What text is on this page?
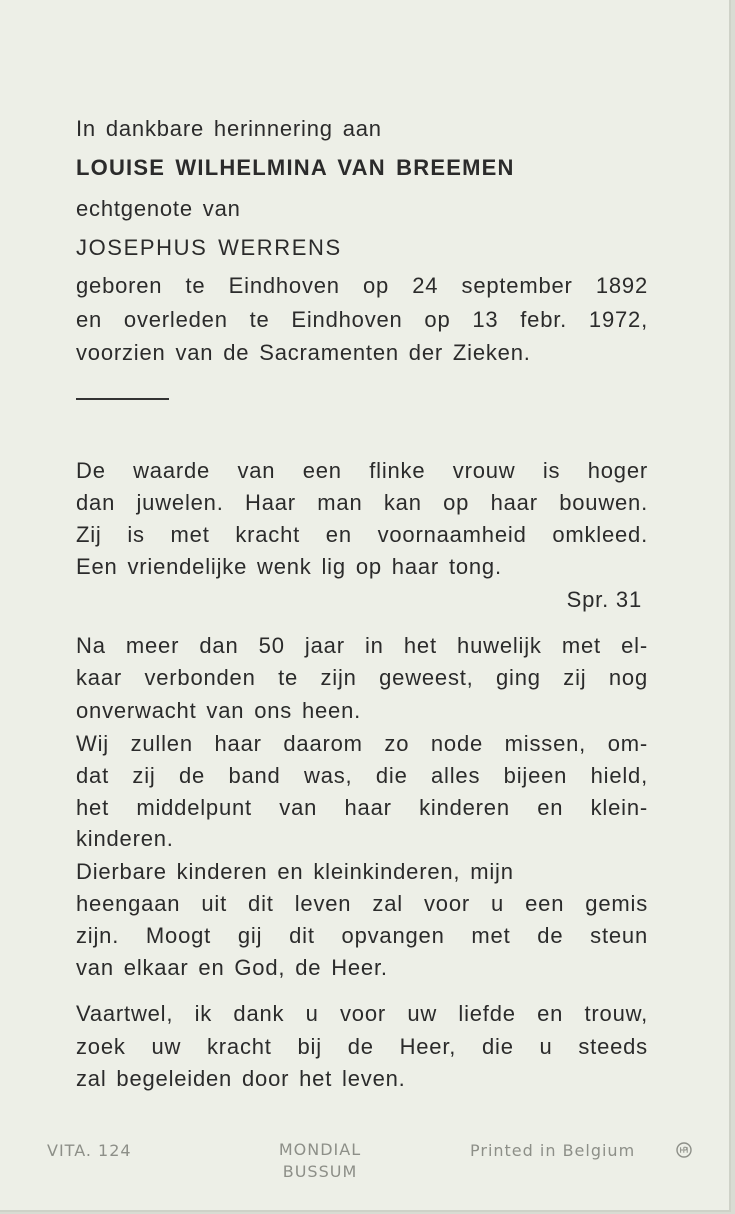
In dankbare herinnering aan
LOUISE WILHELMINA VAN BREEMEN
echtgenote van
JOSEPHUS WERRENS
geboren te Eindhoven op 24 september 1892
en overleden te Eindhoven op 13 febr. 1972,
voorzien van de Sacramenten der Zieken.
De waarde van een flinke vrouw is hoger
dan juwelen. Haar man kan op haar bouwen.
Zij is met kracht en voornaamheid omkleed.
Een vriendelijke wenk lig op haar tong.
Spr. 31
Na meer dan 50 jaar in het huwelijk met el-
kaar verbonden te zijn geweest, ging zij nog
onverwacht van ons heen.
Wij zullen haar daarom zo node missen, om-
dat zij de band was, die alles bijeen hield,
het middelpunt van haar kinderen en klein-
kinderen.
Dierbare kinderen en kleinkinderen, mijn
heengaan uit dit leven zal voor u een gemis
zijn. Moogt gij dit opvangen met de steun
van elkaar en God, de Heer.
Vaartwel, ik dank u voor uw liefde en trouw,
zoek uw kracht bij de Heer, die u steeds
zal begeleiden door het leven.
VITA. 124	MONDIAL
BUSSUM
Printed in Belgium
